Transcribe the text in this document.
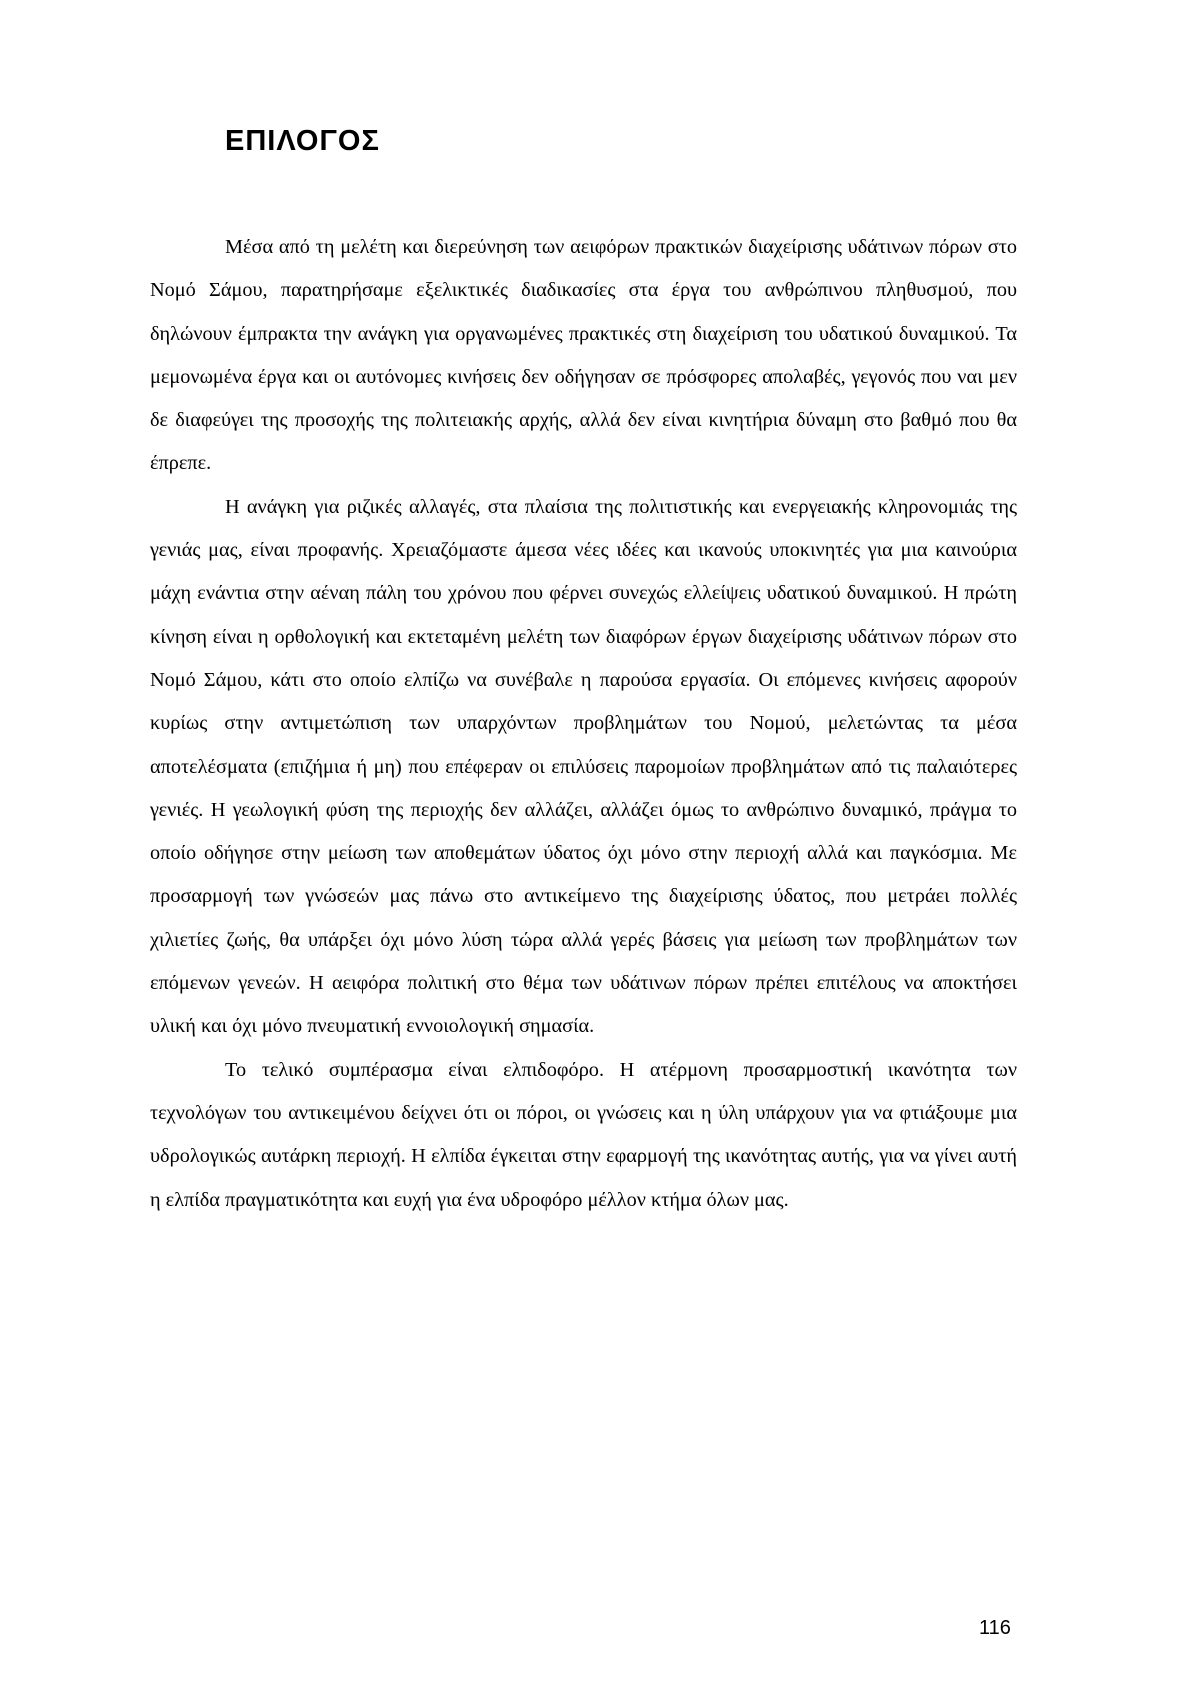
ΕΠΙΛΟΓΟΣ

Μέσα από τη μελέτη και διερεύνηση των αειφόρων πρακτικών διαχείρισης υδάτινων πόρων στο Νομό Σάμου, παρατηρήσαμε εξελικτικές διαδικασίες στα έργα του ανθρώπινου πληθυσμού, που δηλώνουν έμπρακτα την ανάγκη για οργανωμένες πρακτικές στη διαχείριση του υδατικού δυναμικού. Τα μεμονωμένα έργα και οι αυτόνομες κινήσεις δεν οδήγησαν σε πρόσφορες απολαβές, γεγονός που ναι μεν δε διαφεύγει της προσοχής της πολιτειακής αρχής, αλλά δεν είναι κινητήρια δύναμη στο βαθμό που θα έπρεπε.

Η ανάγκη για ριζικές αλλαγές, στα πλαίσια της πολιτιστικής και ενεργειακής κληρονομιάς της γενιάς μας, είναι προφανής. Χρειαζόμαστε άμεσα νέες ιδέες και ικανούς υποκινητές για μια καινούρια μάχη ενάντια στην αέναη πάλη του χρόνου που φέρνει συνεχώς ελλείψεις υδατικού δυναμικού. Η πρώτη κίνηση είναι η ορθολογική και εκτεταμένη μελέτη των διαφόρων έργων διαχείρισης υδάτινων πόρων στο Νομό Σάμου, κάτι στο οποίο ελπίζω να συνέβαλε η παρούσα εργασία. Οι επόμενες κινήσεις αφορούν κυρίως στην αντιμετώπιση των υπαρχόντων προβλημάτων του Νομού, μελετώντας τα μέσα αποτελέσματα (επιζήμια ή μη) που επέφεραν οι επιλύσεις παρομοίων προβλημάτων από τις παλαιότερες γενιές. Η γεωλογική φύση της περιοχής δεν αλλάζει, αλλάζει όμως το ανθρώπινο δυναμικό, πράγμα το οποίο οδήγησε στην μείωση των αποθεμάτων ύδατος όχι μόνο στην περιοχή αλλά και παγκόσμια. Με προσαρμογή των γνώσεών μας πάνω στο αντικείμενο της διαχείρισης ύδατος, που μετράει πολλές χιλιετίες ζωής, θα υπάρξει όχι μόνο λύση τώρα αλλά γερές βάσεις για μείωση των προβλημάτων των επόμενων γενεών. Η αειφόρα πολιτική στο θέμα των υδάτινων πόρων πρέπει επιτέλους να αποκτήσει υλική και όχι μόνο πνευματική εννοιολογική σημασία.

Το τελικό συμπέρασμα είναι ελπιδοφόρο. Η ατέρμονη προσαρμοστική ικανότητα των τεχνολόγων του αντικειμένου δείχνει ότι οι πόροι, οι γνώσεις και η ύλη υπάρχουν για να φτιάξουμε μια υδρολογικώς αυτάρκη περιοχή. Η ελπίδα έγκειται στην εφαρμογή της ικανότητας αυτής, για να γίνει αυτή η ελπίδα πραγματικότητα και ευχή για ένα υδροφόρο μέλλον κτήμα όλων μας.

116
